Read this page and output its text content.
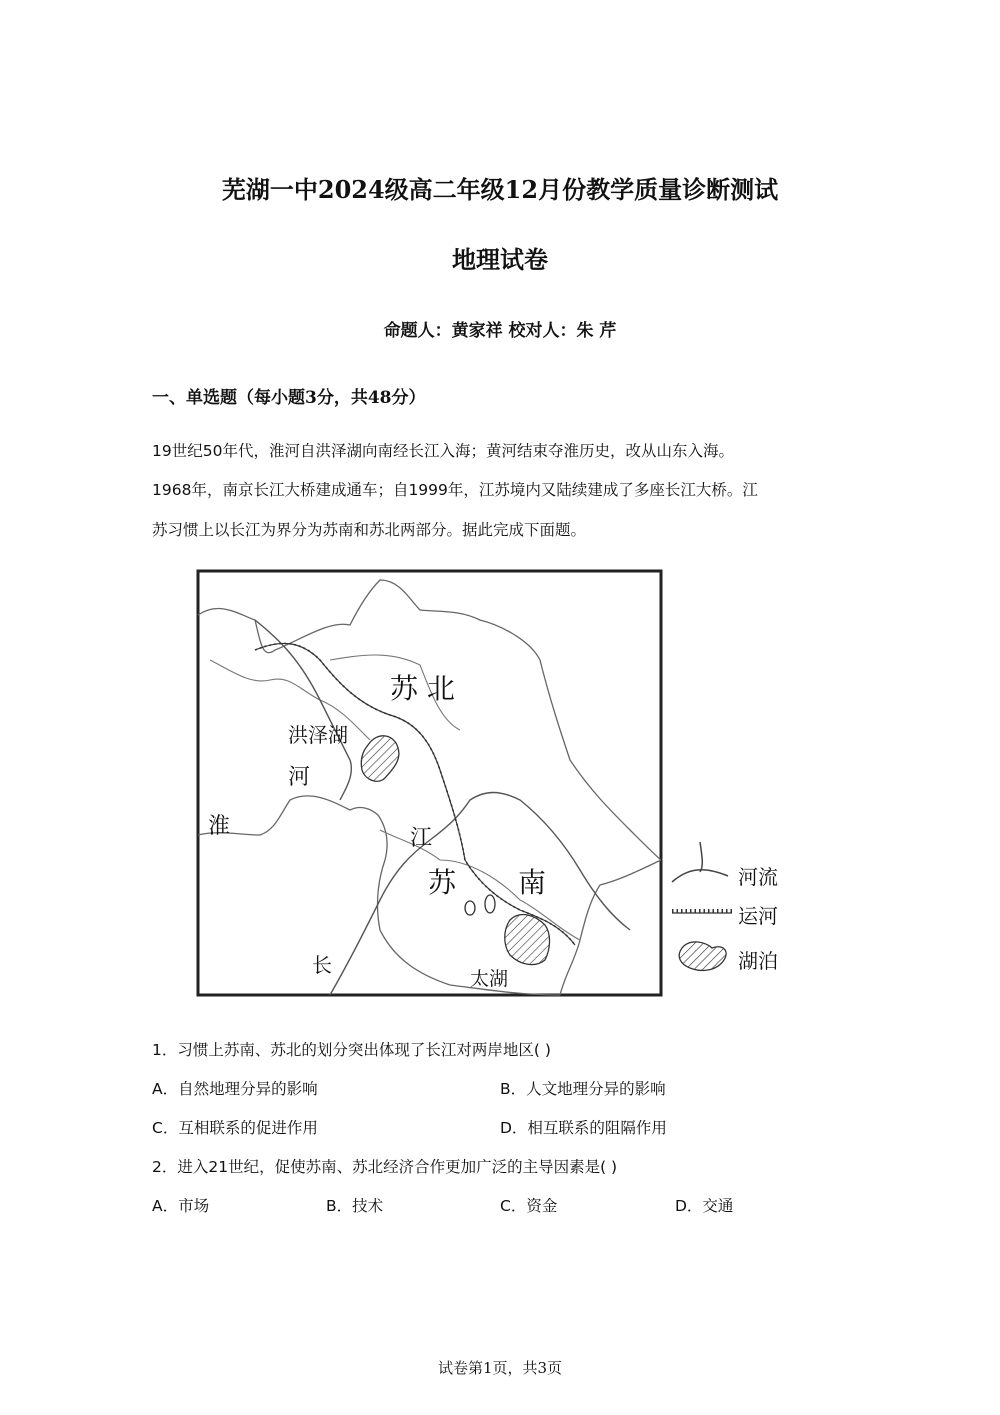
芜湖一中2024级高二年级12月份教学质量诊断测试
地理试卷
命题人：黄家祥 校对人：朱 芹
一、单选题（每小题3分，共48分）
19世纪50年代，淮河自洪泽湖向南经长江入海；黄河结束夺淮历史，改从山东入海。
1968年，南京长江大桥建成通车；自1999年，江苏境内又陆续建成了多座长江大桥。江
苏习惯上以长江为界分为苏南和苏北两部分。据此完成下面题。
苏 北
洪泽湖
河
淮	江
苏 南
长
太湖
河流
运河
湖泊
1．习惯上苏南、苏北的划分突出体现了长江对两岸地区( )
A．自然地理分异的影响	B．人文地理分异的影响
C．互相联系的促进作用	D．相互联系的阻隔作用
2．进入21世纪，促使苏南、苏北经济合作更加广泛的主导因素是( )
A．市场	B．技术	C．资金	D．交通
试卷第1页，共3页
